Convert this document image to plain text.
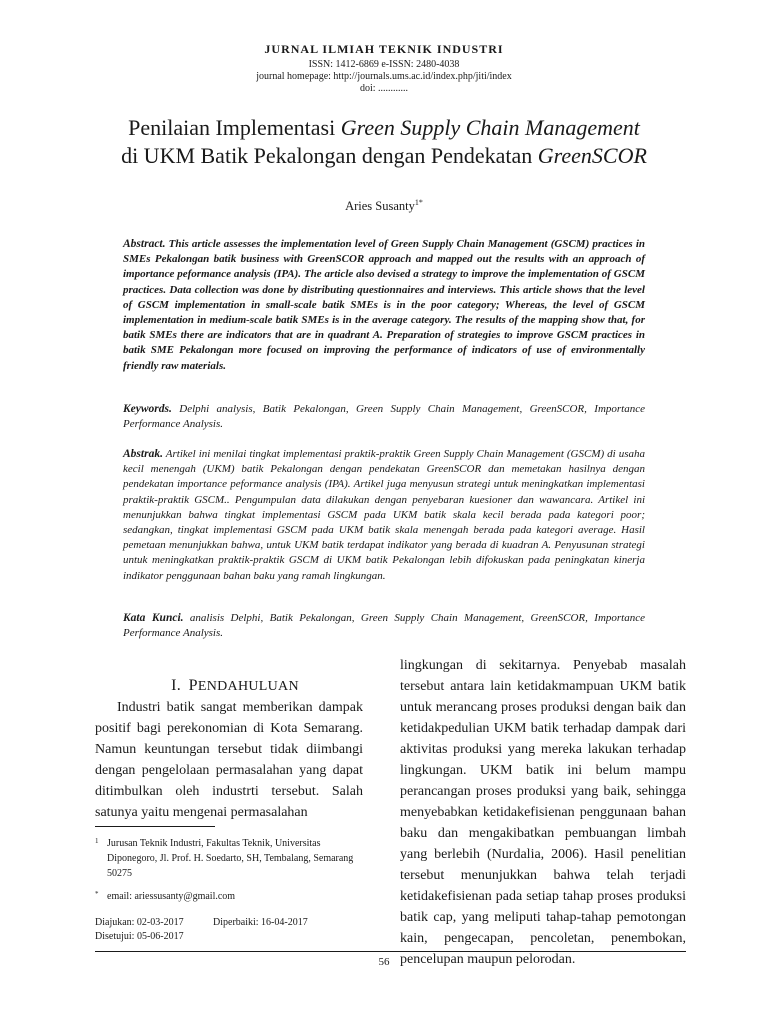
JURNAL ILMIAH TEKNIK INDUSTRI
ISSN: 1412-6869 e-ISSN: 2480-4038
journal homepage: http://journals.ums.ac.id/index.php/jiti/index
doi: ............
Penilaian Implementasi Green Supply Chain Management di UKM Batik Pekalongan dengan Pendekatan GreenSCOR
Aries Susanty$^{1*}$

Abstract. This article assesses the implementation level of Green Supply Chain Management (GSCM) practices in SMEs Pekalongan batik business with GreenSCOR approach and mapped out the results with an approach of importance peformance analysis (IPA). The article also devised a strategy to improve the implementation of GSCM practices. Data collection was done by distributing questionnaires and interviews. This article shows that the level of GSCM implementation in small-scale batik SMEs is in the poor category; Whereas, the level of GSCM implementation in medium-scale batik SMEs is in the average category. The results of the mapping show that, for batik SMEs there are indicators that are in quadrant A. Preparation of strategies to improve GSCM practices in batik SME Pekalongan more focused on improving the performance of indicators of use of environmentally friendly raw materials.

Keywords. Delphi analysis, Batik Pekalongan, Green Supply Chain Management, GreenSCOR, Importance Performance Analysis.

Abstrak. Artikel ini menilai tingkat implementasi praktik-praktik Green Supply Chain Management (GSCM) di usaha kecil menengah (UKM) batik Pekalongan dengan pendekatan GreenSCOR dan memetakan hasilnya dengan pendekatan importance peformance analysis (IPA). Artikel juga menyusun strategi untuk meningkatkan implementasi praktik-praktik GSCM.. Pengumpulan data dilakukan dengan penyebaran kuesioner dan wawancara. Artikel ini menunjukkan bahwa tingkat implementasi GSCM pada UKM batik skala kecil berada pada kategori poor; sedangkan, tingkat implementasi GSCM pada UKM batik skala menengah berada pada kategori average. Hasil pemetaan menunjukkan bahwa, untuk UKM batik terdapat indikator yang berada di kuadran A. Penyusunan strategi untuk meningkatkan praktik-praktik GSCM di UKM batik Pekalongan lebih difokuskan pada peningkatan kinerja indikator penggunaan bahan baku yang ramah lingkungan.

Kata Kunci. analisis Delphi, Batik Pekalongan, Green Supply Chain Management, GreenSCOR, Importance Performance Analysis.

I. PENDAHULUAN

Industri batik sangat memberikan dampak positif bagi perekonomian di Kota Semarang. Namun keuntungan tersebut tidak diimbangi dengan pengelolaan permasalahan yang dapat ditimbulkan oleh industrti tersebut. Salah satunya yaitu mengenai permasalahan

lingkungan di sekitarnya. Penyebab masalah tersebut antara lain ketidakmampuan UKM batik untuk merancang proses produksi dengan baik dan ketidakpedulian UKM batik terhadap dampak dari aktivitas produksi yang mereka lakukan terhadap lingkungan. UKM batik ini belum mampu perancangan proses produksi yang baik, sehingga menyebabkan ketidakefisienan penggunaan bahan baku dan mengakibatkan pembuangan limbah yang berlebih (Nurdalia, 2006). Hasil penelitian tersebut menunjukkan bahwa telah terjadi ketidakefisienan pada setiap tahap proses produksi batik cap, yang meliputi tahap-tahap pemotongan kain, pengecapan, pencoletan, penembokan, pencelupan maupun pelorodan.

1 Jurusan Teknik Industri, Fakultas Teknik, Universitas Diponegoro, Jl. Prof. H. Soedarto, SH, Tembalang, Semarang 50275
* email: ariessusanty@gmail.com
Diajukan: 02-03-2017	Diperbaiki: 16-04-2017
Disetujui: 05-06-2017
56
